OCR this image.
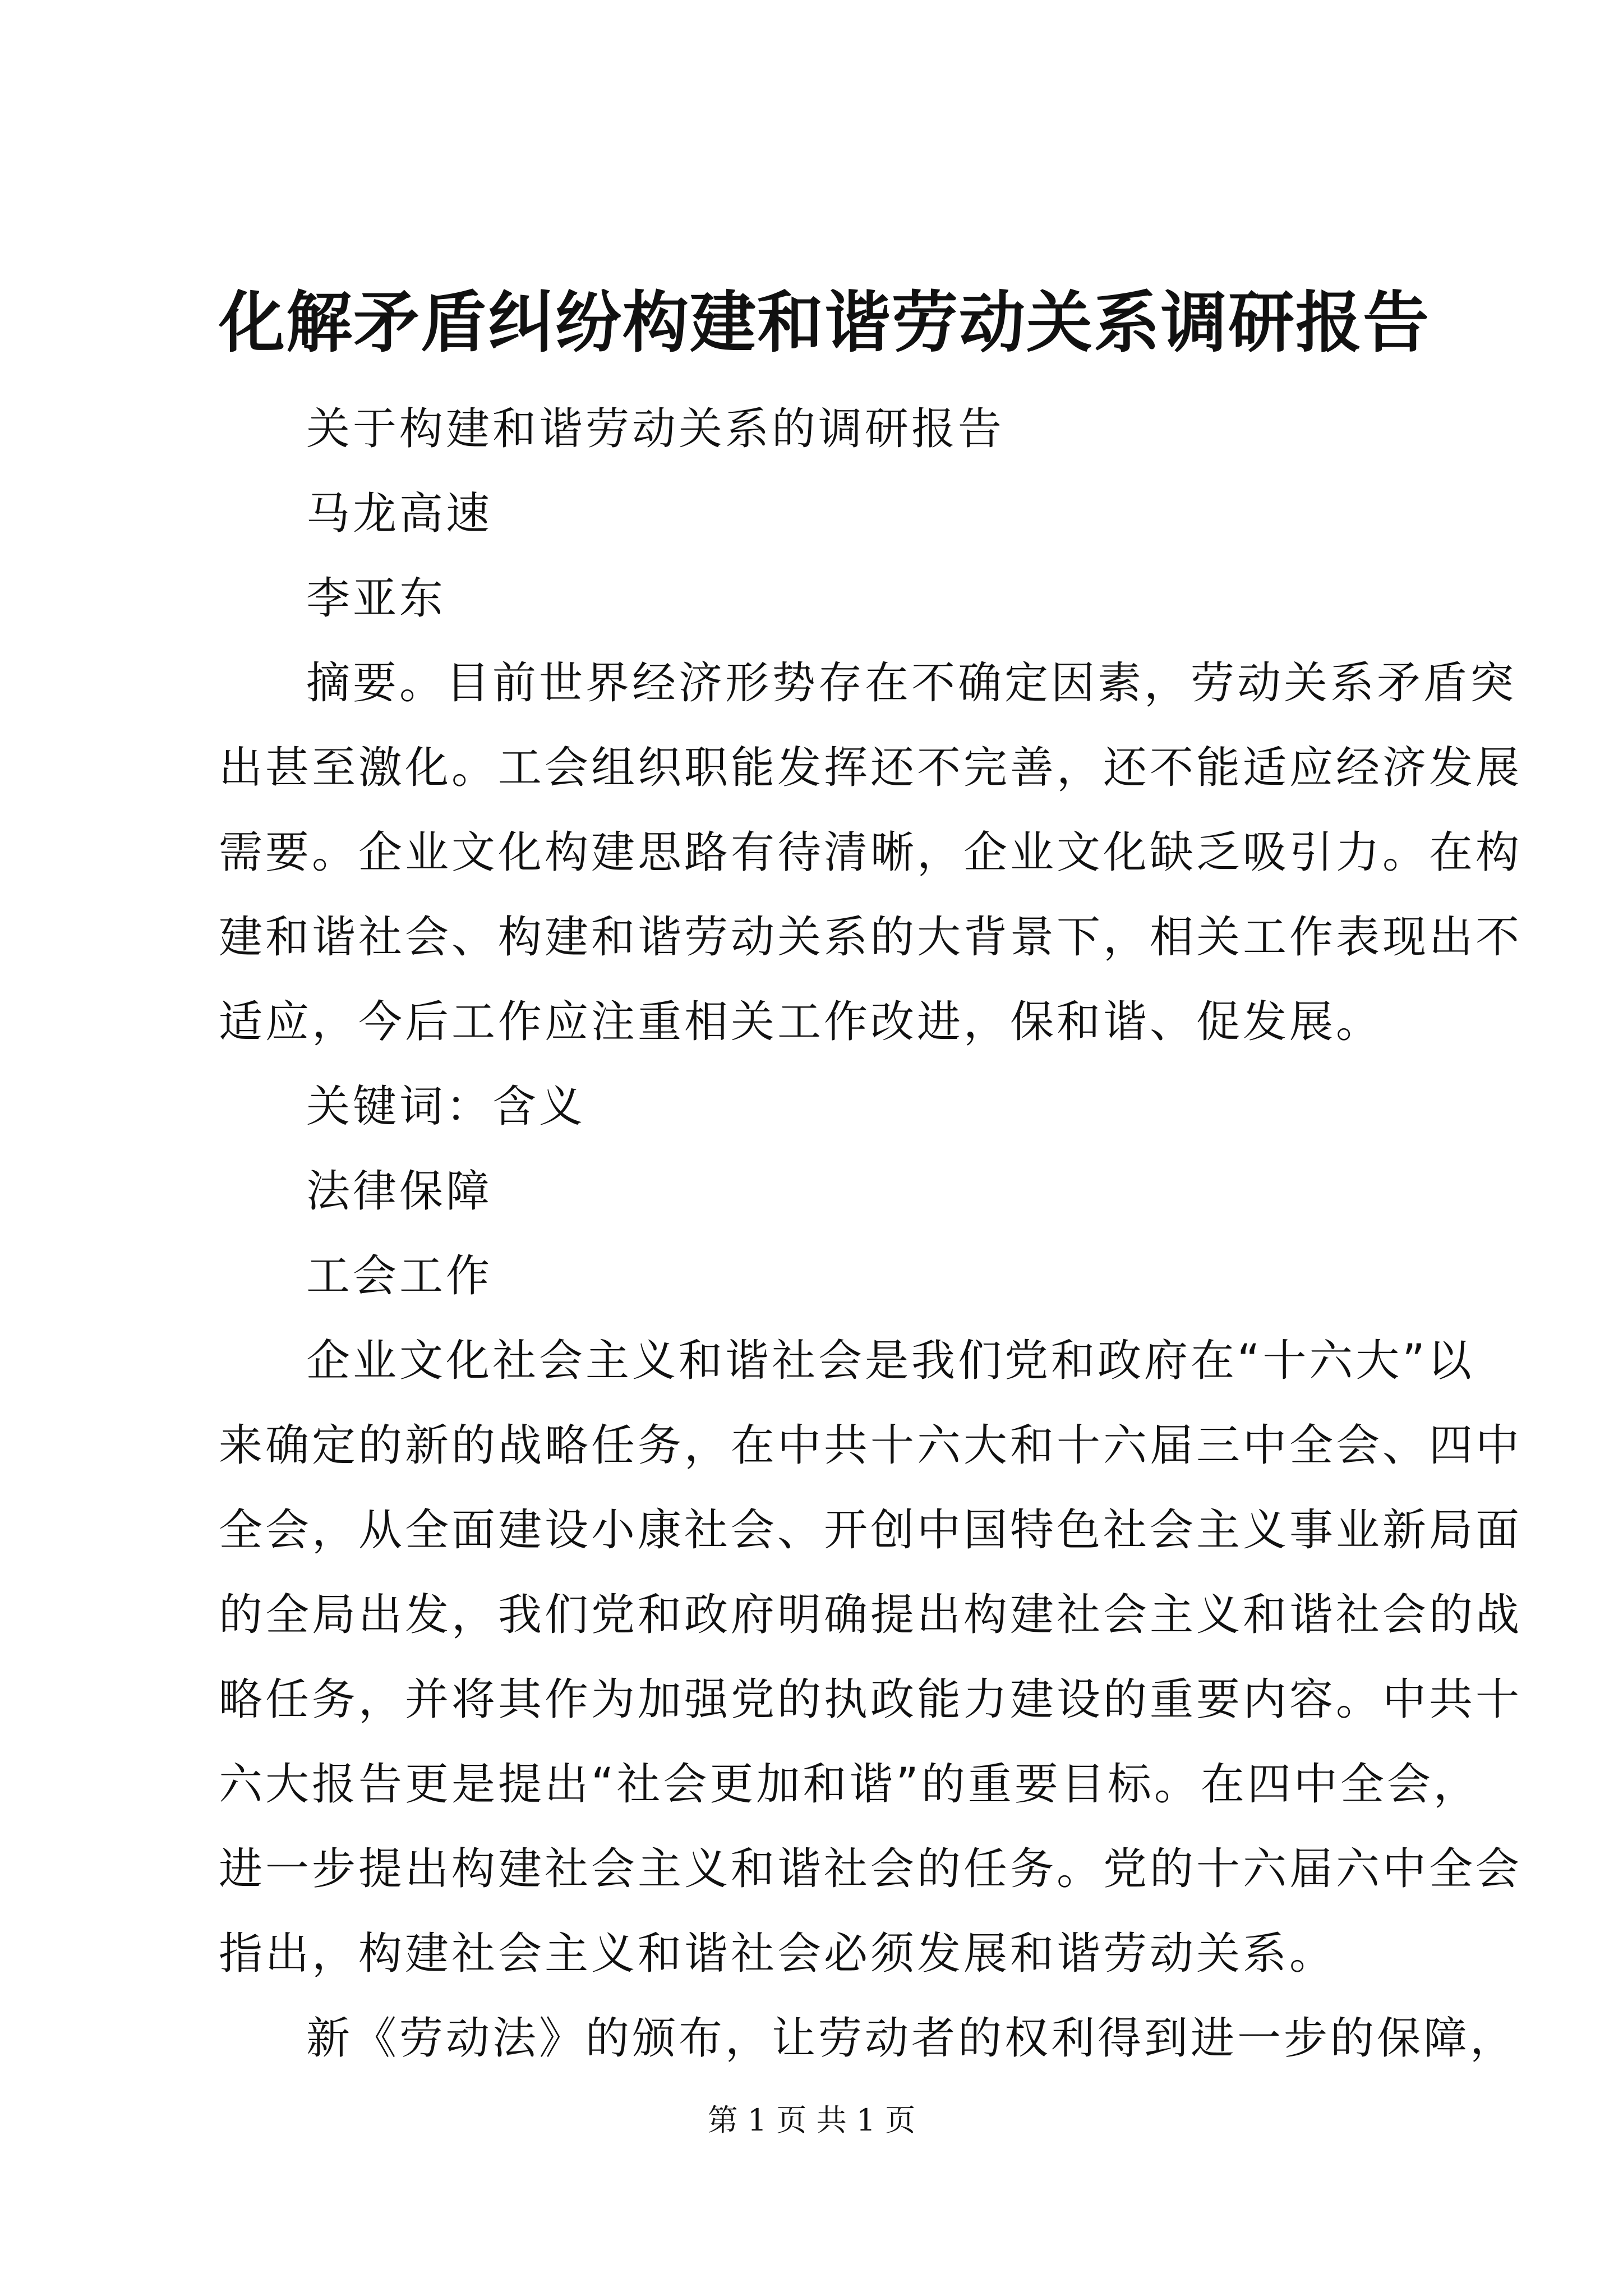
化解矛盾纠纷构建和谐劳动关系调研报告
关于构建和谐劳动关系的调研报告
马龙高速
李亚东
摘要。目前世界经济形势存在不确定因素，劳动关系矛盾突
出甚至激化。工会组织职能发挥还不完善，还不能适应经济发展
需要。企业文化构建思路有待清晰，企业文化缺乏吸引力。在构
建和谐社会、构建和谐劳动关系的大背景下，相关工作表现出不
适应，今后工作应注重相关工作改进，保和谐、促发展。
关键词：含义
法律保障
工会工作
企业文化社会主义和谐社会是我们党和政府在“十六大”以
来确定的新的战略任务，在中共十六大和十六届三中全会、四中
全会，从全面建设小康社会、开创中国特色社会主义事业新局面
的全局出发，我们党和政府明确提出构建社会主义和谐社会的战
略任务，并将其作为加强党的执政能力建设的重要内容。中共十
六大报告更是提出“社会更加和谐”的重要目标。在四中全会，
进一步提出构建社会主义和谐社会的任务。党的十六届六中全会
指出，构建社会主义和谐社会必须发展和谐劳动关系。
新《劳动法》的颁布，让劳动者的权利得到进一步的保障，
第 1 页 共 1 页
